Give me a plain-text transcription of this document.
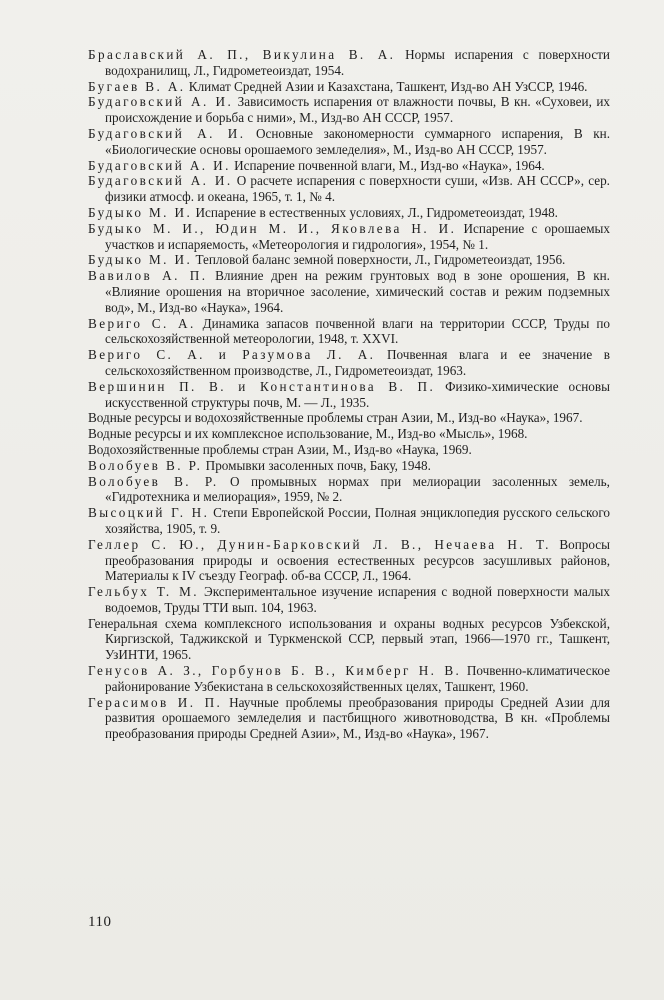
Браславский А. П., Викулина В. А. Нормы испарения с поверхности водохранилищ, Л., Гидрометеоиздат, 1954.
Бугаев В. А. Климат Средней Азии и Казахстана, Ташкент, Изд-во АН УзССР, 1946.
Будаговский А. И. Зависимость испарения от влажности почвы, В кн. «Суховеи, их происхождение и борьба с ними», М., Изд-во АН СССР, 1957.
Будаговский А. И. Основные закономерности суммарного испарения, В кн. «Биологические основы орошаемого земледелия», М., Изд-во АН СССР, 1957.
Будаговский А. И. Испарение почвенной влаги, М., Изд-во «Наука», 1964.
Будаговский А. И. О расчете испарения с поверхности суши, «Изв. АН СССР», сер. физики атмосф. и океана, 1965, т. 1, № 4.
Будыко М. И. Испарение в естественных условиях, Л., Гидрометеоиздат, 1948.
Будыко М. И., Юдин М. И., Яковлева Н. И. Испарение с орошаемых участков и испаряемость, «Метеорология и гидрология», 1954, № 1.
Будыко М. И. Тепловой баланс земной поверхности, Л., Гидрометеоиздат, 1956.
Вавилов А. П. Влияние дрен на режим грунтовых вод в зоне орошения, В кн. «Влияние орошения на вторичное засоление, химический состав и режим подземных вод», М., Изд-во «Наука», 1964.
Вериго С. А. Динамика запасов почвенной влаги на территории СССР, Труды по сельскохозяйственной метеорологии, 1948, т. XXVI.
Вериго С. А. и Разумова Л. А. Почвенная влага и ее значение в сельскохозяйственном производстве, Л., Гидрометеоиздат, 1963.
Вершинин П. В. и Константинова В. П. Физико-химические основы искусственной структуры почв, М. — Л., 1935.
Водные ресурсы и водохозяйственные проблемы стран Азии, М., Изд-во «Наука», 1967.
Водные ресурсы и их комплексное использование, М., Изд-во «Мысль», 1968.
Водохозяйственные проблемы стран Азии, М., Изд-во «Наука, 1969.
Волобуев В. Р. Промывки засоленных почв, Баку, 1948.
Волобуев В. Р. О промывных нормах при мелиорации засоленных земель, «Гидротехника и мелиорация», 1959, № 2.
Высоцкий Г. Н. Степи Европейской России, Полная энциклопедия русского сельского хозяйства, 1905, т. 9.
Геллер С. Ю., Дунин-Барковский Л. В., Нечаева Н. Т. Вопросы преобразования природы и освоения естественных ресурсов засушливых районов, Материалы к IV съезду Географ. об-ва СССР, Л., 1964.
Гельбух Т. М. Экспериментальное изучение испарения с водной поверхности малых водоемов, Труды ТТИ вып. 104, 1963.
Генеральная схема комплексного использования и охраны водных ресурсов Узбекской, Киргизской, Таджикской и Туркменской ССР, первый этап, 1966—1970 гг., Ташкент, УзИНТИ, 1965.
Генусов А. З., Горбунов Б. В., Кимберг Н. В. Почвенно-климатическое районирование Узбекистана в сельскохозяйственных целях, Ташкент, 1960.
Герасимов И. П. Научные проблемы преобразования природы Средней Азии для развития орошаемого земледелия и пастбищного животноводства, В кн. «Проблемы преобразования природы Средней Азии», М., Изд-во «Наука», 1967.
110
